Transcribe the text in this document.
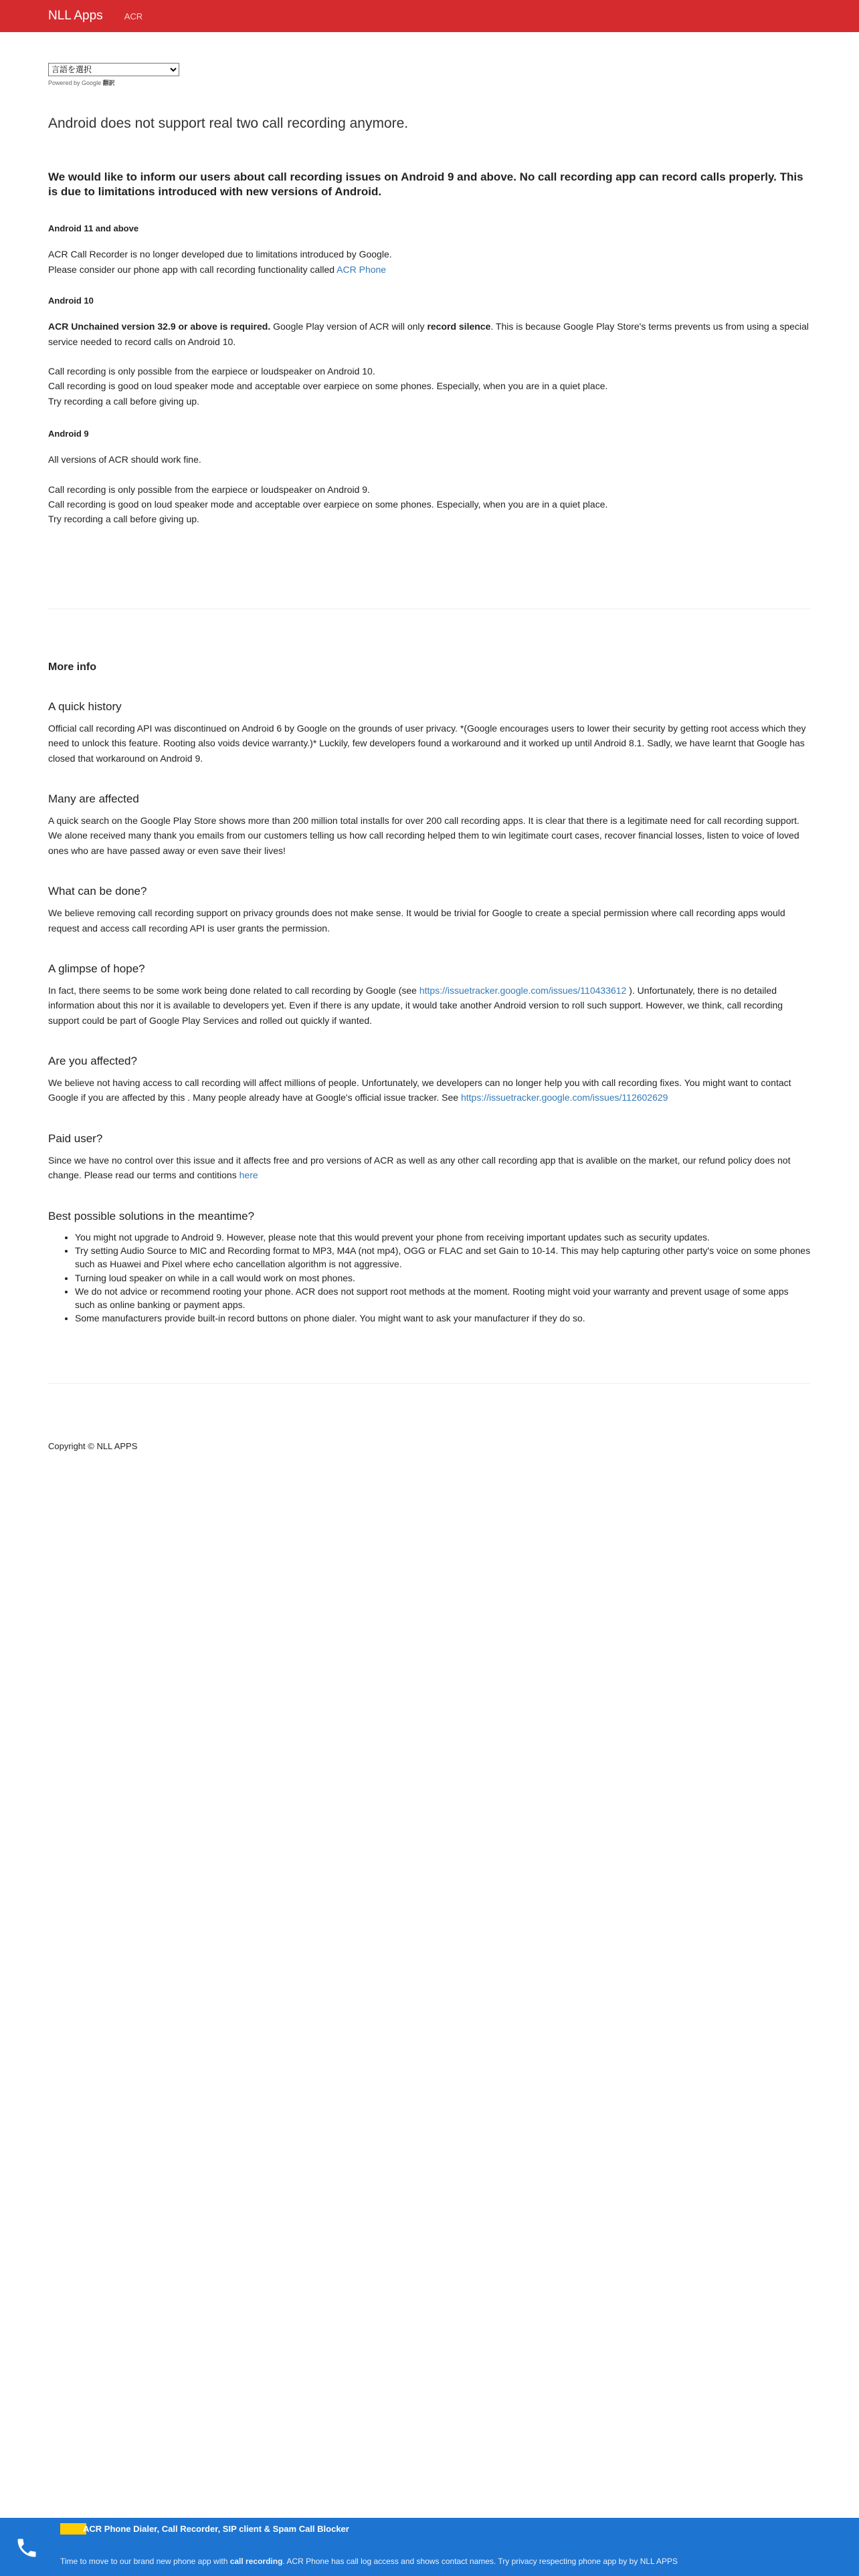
NLL Apps ACR
言語を選択
Powered by Google 翻訳

Android does not support real two call recording anymore.

We would like to inform our users about call recording issues on Android 9 and above. No call recording app can record calls properly. This is due to limitations introduced with new versions of Android.

Android 11 and above

ACR Call Recorder is no longer developed due to limitations introduced by Google.
Please consider our phone app with call recording functionality called ACR Phone

Android 10

ACR Unchained version 32.9 or above is required. Google Play version of ACR will only record silence. This is because Google Play Store's terms prevents us from using a special service needed to record calls on Android 10.

Call recording is only possible from the earpiece or loudspeaker on Android 10.
Call recording is good on loud speaker mode and acceptable over earpiece on some phones. Especially, when you are in a quiet place.
Try recording a call before giving up.

Android 9

All versions of ACR should work fine.

Call recording is only possible from the earpiece or loudspeaker on Android 9.
Call recording is good on loud speaker mode and acceptable over earpiece on some phones. Especially, when you are in a quiet place.
Try recording a call before giving up.

More info
A quick history

Official call recording API was discontinued on Android 6 by Google on the grounds of user privacy. *(Google encourages users to lower their security by getting root access which they need to unlock this feature. Rooting also voids device warranty.)* Luckily, few developers found a workaround and it worked up until Android 8.1. Sadly, we have learnt that Google has closed that workaround on Android 9.

Many are affected

A quick search on the Google Play Store shows more than 200 million total installs for over 200 call recording apps. It is clear that there is a legitimate need for call recording support. We alone received many thank you emails from our customers telling us how call recording helped them to win legitimate court cases, recover financial losses, listen to voice of loved ones who are have passed away or even save their lives!

What can be done?

We believe removing call recording support on privacy grounds does not make sense. It would be trivial for Google to create a special permission where call recording apps would request and access call recording API is user grants the permission.

A glimpse of hope?

In fact, there seems to be some work being done related to call recording by Google (see https://issuetracker.google.com/issues/110433612 ). Unfortunately, there is no detailed information about this nor it is available to developers yet. Even if there is any update, it would take another Android version to roll such support. However, we think, call recording support could be part of Google Play Services and rolled out quickly if wanted.

Are you affected?

We believe not having access to call recording will affect millions of people. Unfortunately, we developers can no longer help you with call recording fixes. You might want to contact Google if you are affected by this . Many people already have at Google's official issue tracker. See https://issuetracker.google.com/issues/112602629

Paid user?

Since we have no control over this issue and it affects free and pro versions of ACR as well as any other call recording app that is avalible on the market, our refund policy does not change. Please read our terms and contitions here

Best possible solutions in the meantime?
• You might not upgrade to Android 9. However, please note that this would prevent your phone from receiving important updates such as security updates.
• Try setting Audio Source to MIC and Recording format to MP3, M4A (not mp4), OGG or FLAC and set Gain to 10-14. This may help capturing other party's voice on some phones such as Huawei and Pixel where echo cancellation algorithm is not aggressive.
• Turning loud speaker on while in a call would work on most phones.
• We do not advice or recommend rooting your phone. ACR does not support root methods at the moment. Rooting might void your warranty and prevent usage of some apps such as online banking or payment apps.
• Some manufacturers provide built-in record buttons on phone dialer. You might want to ask your manufacturer if they do so.

Copyright © NLL APPS

NEW ACR Phone Dialer, Call Recorder, SIP client & Spam Call Blocker

Time to move to our brand new phone app with call recording. ACR Phone has call log access and shows contact names. Try privacy respecting phone app by by NLL APPS
